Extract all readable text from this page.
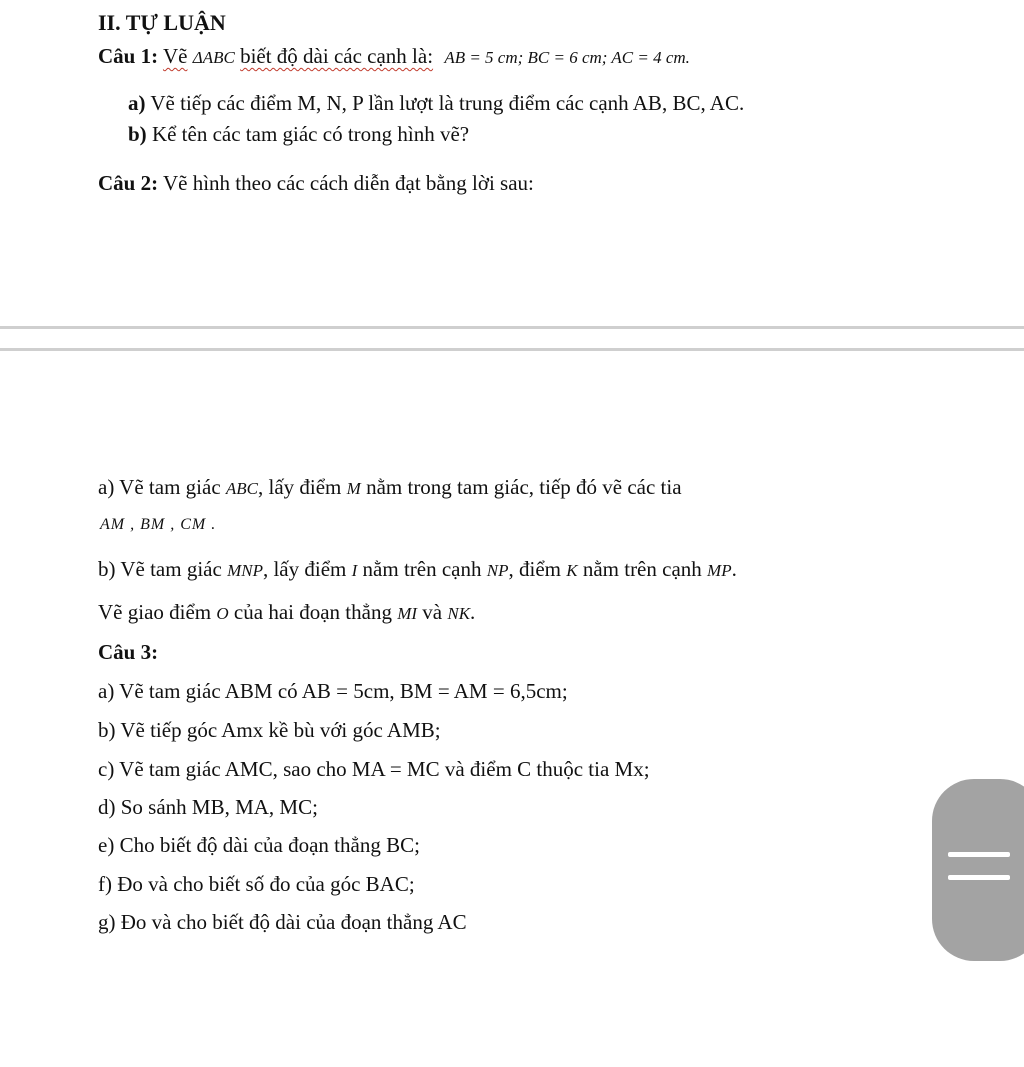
II. TỰ LUẬN
Câu 1: Vẽ ΔABC biết độ dài các cạnh là: AB = 5 cm; BC = 6 cm; AC = 4 cm.
a) Vẽ tiếp các điểm M, N, P lần lượt là trung điểm các cạnh AB, BC, AC.
b) Kể tên các tam giác có trong hình vẽ?
Câu 2: Vẽ hình theo các cách diễn đạt bằng lời sau:
a) Vẽ tam giác ABC, lấy điểm M nằm trong tam giác, tiếp đó vẽ các tia
AM , BM , CM .
b) Vẽ tam giác MNP, lấy điểm I nằm trên cạnh NP, điểm K nằm trên cạnh MP.
Vẽ giao điểm O của hai đoạn thẳng MI và NK.
Câu 3:
a) Vẽ tam giác ABM có AB = 5cm, BM = AM = 6,5cm;
b) Vẽ tiếp góc Amx kề bù với góc AMB;
c) Vẽ tam giác AMC, sao cho MA = MC và điểm C thuộc tia Mx;
d) So sánh MB, MA, MC;
e) Cho biết độ dài của đoạn thẳng BC;
f) Đo và cho biết số đo của góc BAC;
g) Đo và cho biết độ dài của đoạn thẳng AC
